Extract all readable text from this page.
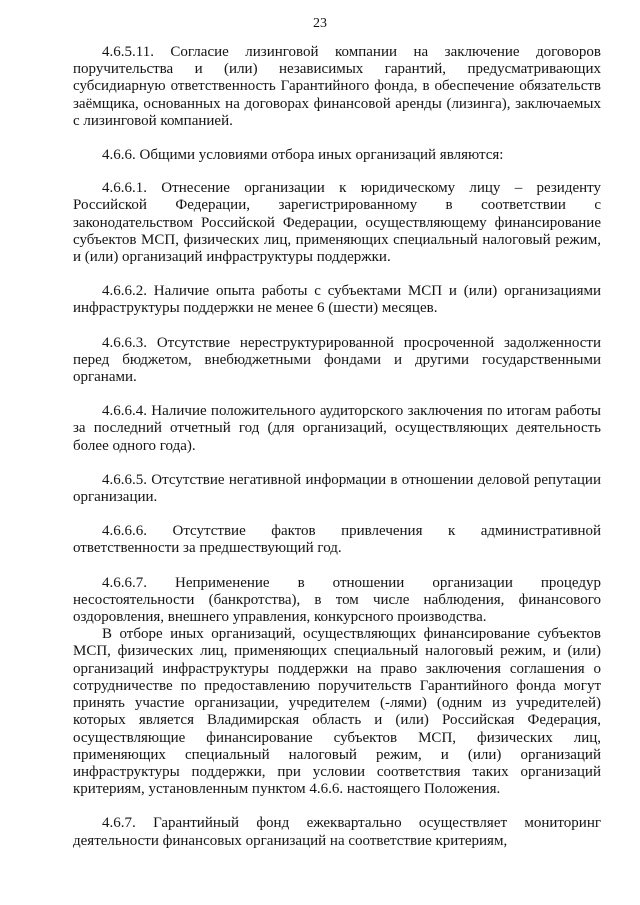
23

4.6.5.11. Согласие лизинговой компании на заключение договоров поручительства и (или) независимых гарантий, предусматривающих субсидиарную ответственность Гарантийного фонда, в обеспечение обязательств заёмщика, основанных на договорах финансовой аренды (лизинга), заключаемых с лизинговой компанией.

4.6.6. Общими условиями отбора иных организаций являются:

4.6.6.1. Отнесение организации к юридическому лицу – резиденту Российской Федерации, зарегистрированному в соответствии с законодательством Российской Федерации, осуществляющему финансирование субъектов МСП, физических лиц, применяющих специальный налоговый режим, и (или) организаций инфраструктуры поддержки.

4.6.6.2. Наличие опыта работы с субъектами МСП и (или) организациями инфраструктуры поддержки не менее 6 (шести) месяцев.

4.6.6.3. Отсутствие нереструктурированной просроченной задолженности перед бюджетом, внебюджетными фондами и другими государственными органами.

4.6.6.4. Наличие положительного аудиторского заключения по итогам работы за последний отчетный год (для организаций, осуществляющих деятельность более одного года).

4.6.6.5. Отсутствие негативной информации в отношении деловой репутации организации.

4.6.6.6. Отсутствие фактов привлечения к административной ответственности за предшествующий год.

4.6.6.7. Неприменение в отношении организации процедур несостоятельности (банкротства), в том числе наблюдения, финансового оздоровления, внешнего управления, конкурсного производства.

В отборе иных организаций, осуществляющих финансирование субъектов МСП, физических лиц, применяющих специальный налоговый режим, и (или) организаций инфраструктуры поддержки на право заключения соглашения о сотрудничестве по предоставлению поручительств Гарантийного фонда могут принять участие организации, учредителем (-лями) (одним из учредителей) которых является Владимирская область и (или) Российская Федерация, осуществляющие финансирование субъектов МСП, физических лиц, применяющих специальный налоговый режим, и (или) организаций инфраструктуры поддержки, при условии соответствия таких организаций критериям, установленным пунктом 4.6.6. настоящего Положения.

4.6.7. Гарантийный фонд ежеквартально осуществляет мониторинг деятельности финансовых организаций на соответствие критериям,
